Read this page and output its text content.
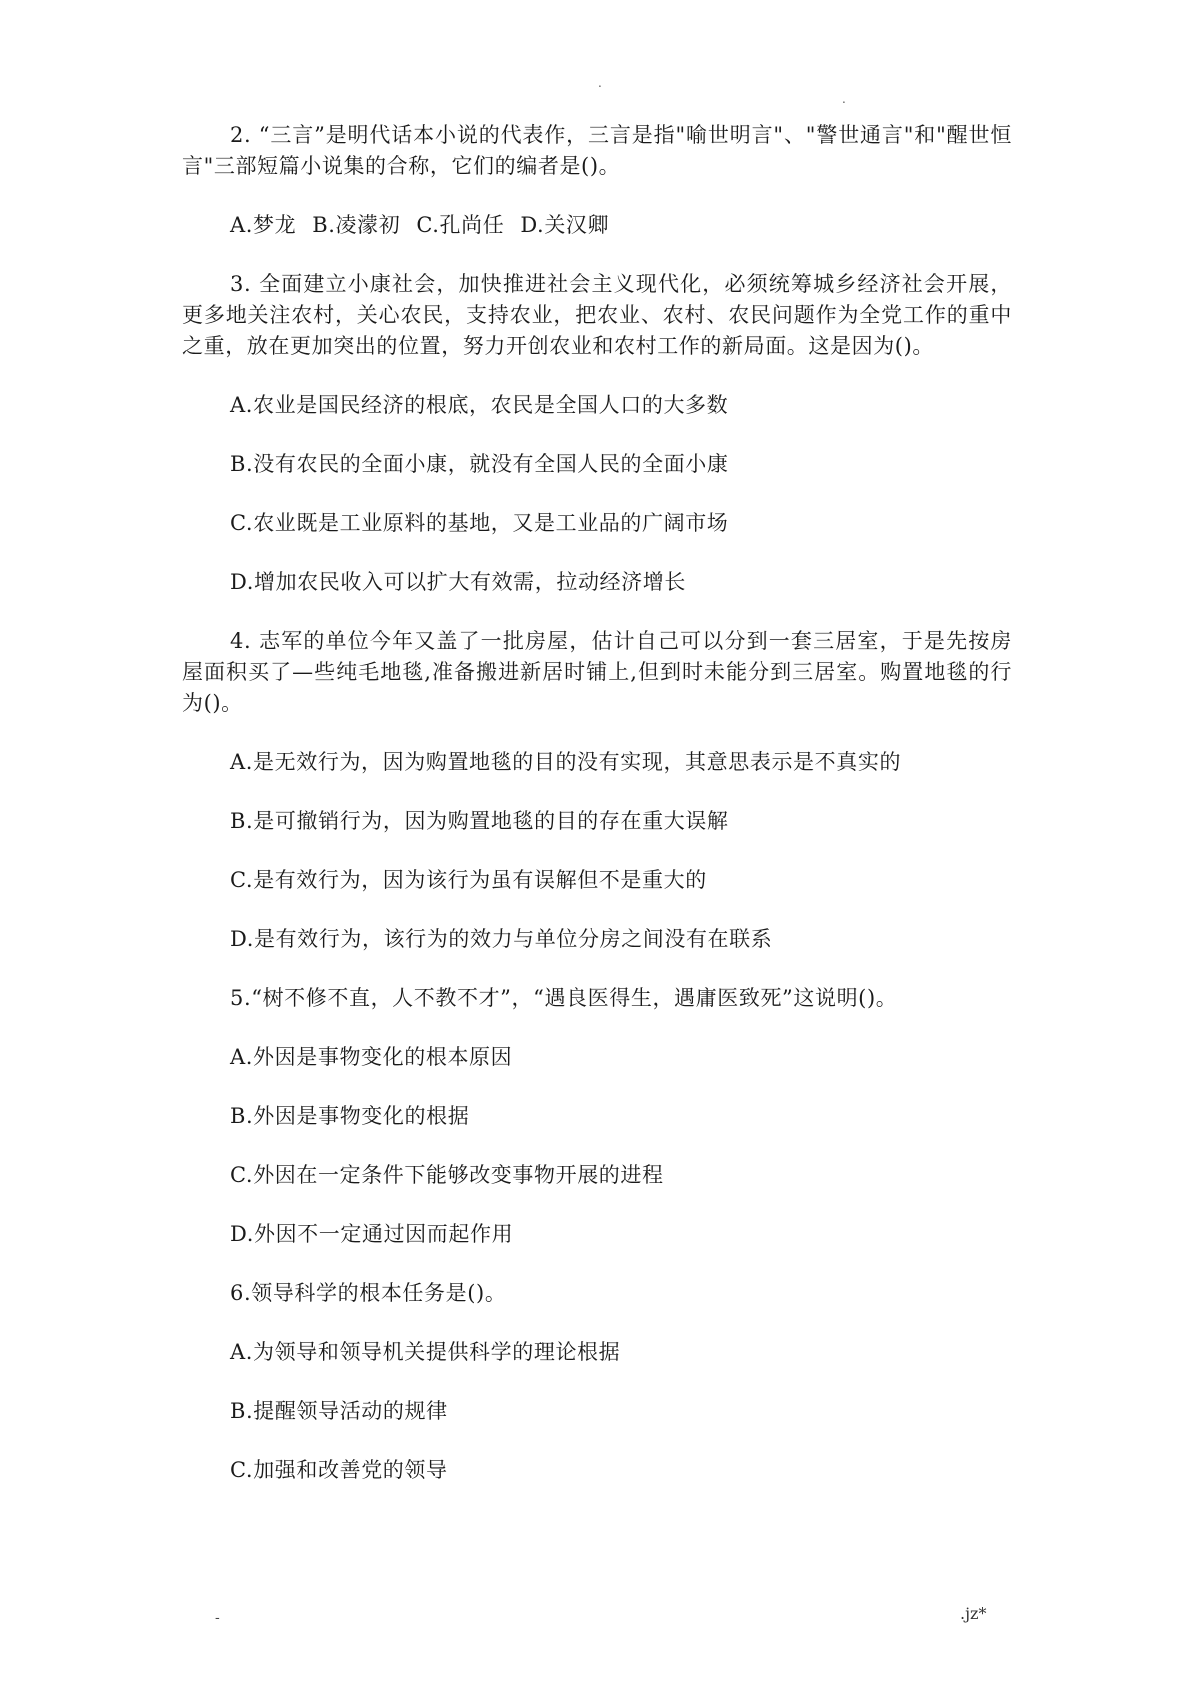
.
.

2. “三言”是明代话本小说的代表作，三言是指"喻世明言"、"警世通言"和"醒世恒言"三部短篇小说集的合称，它们的编者是()。

A.梦龙 B.凌濛初 C.孔尚任 D.关汉卿

3. 全面建立小康社会，加快推进社会主义现代化，必须统筹城乡经济社会开展，更多地关注农村，关心农民，支持农业，把农业、农村、农民问题作为全党工作的重中之重，放在更加突出的位置，努力开创农业和农村工作的新局面。这是因为()。

A.农业是国民经济的根底，农民是全国人口的大多数

B.没有农民的全面小康，就没有全国人民的全面小康

C.农业既是工业原料的基地，又是工业品的广阔市场

D.增加农民收入可以扩大有效需，拉动经济增长

4. 志军的单位今年又盖了一批房屋，估计自己可以分到一套三居室，于是先按房屋面积买了—些纯毛地毯,准备搬进新居时铺上,但到时未能分到三居室。购置地毯的行为()。

A.是无效行为，因为购置地毯的目的没有实现，其意思表示是不真实的

B.是可撤销行为，因为购置地毯的目的存在重大误解

C.是有效行为，因为该行为虽有误解但不是重大的

D.是有效行为，该行为的效力与单位分房之间没有在联系

5.“树不修不直，人不教不才”，“遇良医得生，遇庸医致死”这说明()。

A.外因是事物变化的根本原因

B.外因是事物变化的根据

C.外因在一定条件下能够改变事物开展的进程

D.外因不一定通过因而起作用

6.领导科学的根本任务是()。

A.为领导和领导机关提供科学的理论根据

B.提醒领导活动的规律

C.加强和改善党的领导

-	.jz*
